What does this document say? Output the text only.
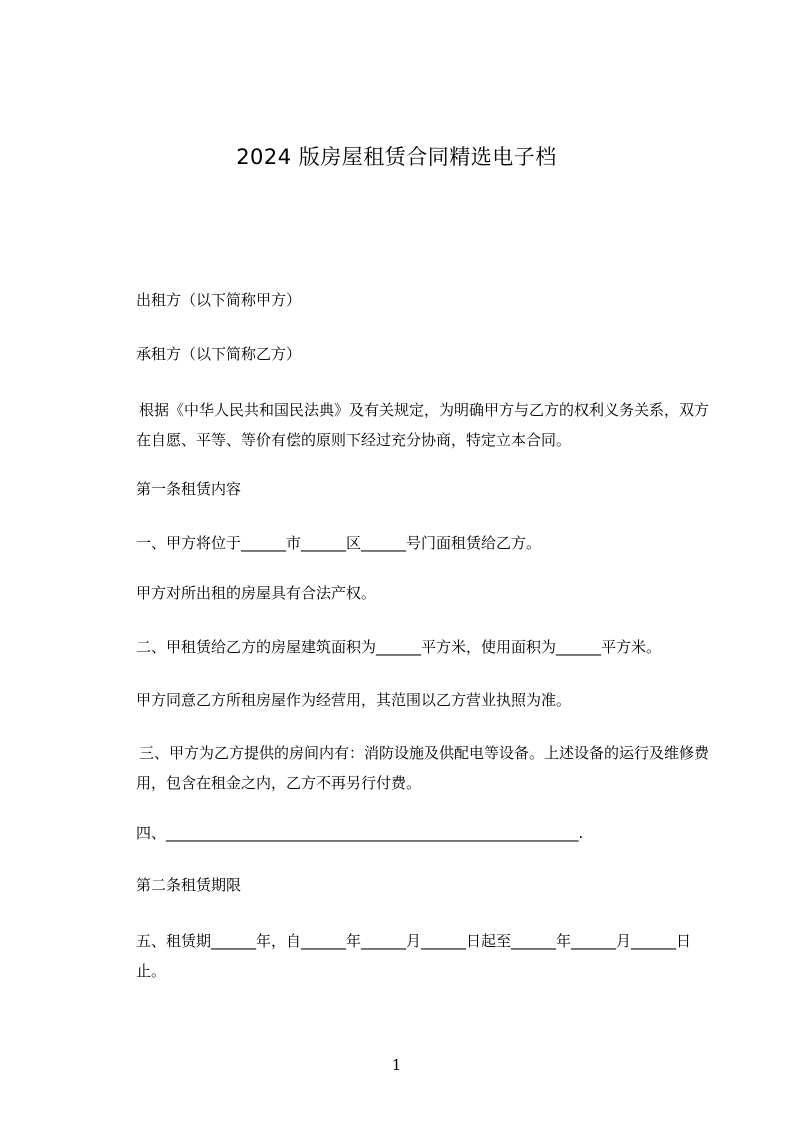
2024 版房屋租赁合同精选电子档
出租方（以下简称甲方）
承租方（以下简称乙方）
根据《中华人民共和国民法典》及有关规定，为明确甲方与乙方的权利义务关系，双方在自愿、平等、等价有偿的原则下经过充分协商，特定立本合同。
第一条租赁内容
一、甲方将位于______市______区______号门面租赁给乙方。
甲方对所出租的房屋具有合法产权。
二、甲租赁给乙方的房屋建筑面积为______平方米，使用面积为______平方米。
甲方同意乙方所租房屋作为经营用，其范围以乙方营业执照为准。
三、甲方为乙方提供的房间内有：消防设施及供配电等设备。上述设备的运行及维修费用，包含在租金之内，乙方不再另行付费。
四、_______________________________________________________.
第二条租赁期限
五、租赁期______年，自______年______月______日起至______年______月______日止。
1
